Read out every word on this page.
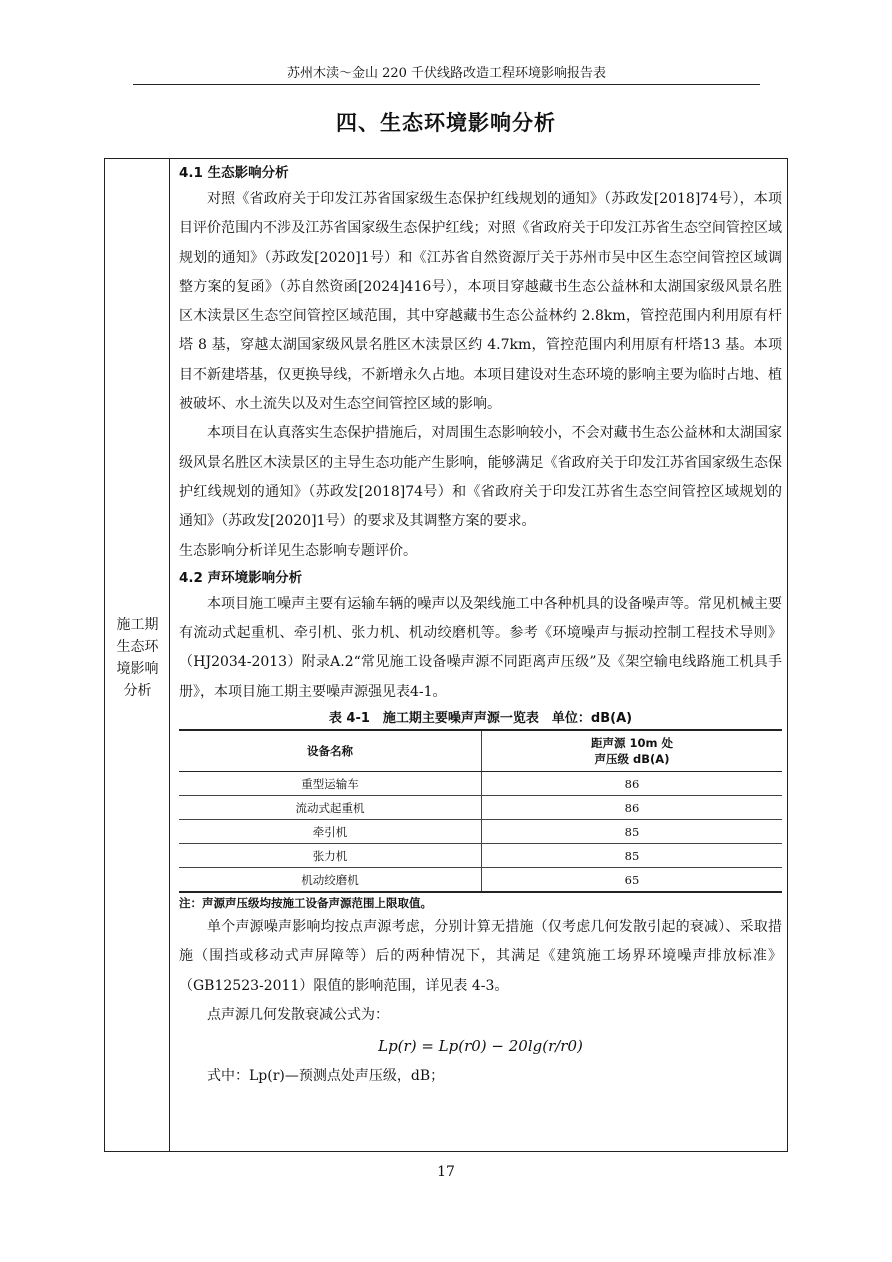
苏州木渎～金山 220 千伏线路改造工程环境影响报告表
四、生态环境影响分析
施工期
生态环
境影响
分析
4.1 生态影响分析

对照《省政府关于印发江苏省国家级生态保护红线规划的通知》（苏政发[2018]74号），本项目评价范围内不涉及江苏省国家级生态保护红线；对照《省政府关于印发江苏省生态空间管控区域规划的通知》（苏政发[2020]1号）和《江苏省自然资源厅关于苏州市吴中区生态空间管控区域调整方案的复函》（苏自然资函[2024]416号），本项目穿越藏书生态公益林和太湖国家级风景名胜区木渎景区生态空间管控区域范围，其中穿越藏书生态公益林约 2.8km，管控范围内利用原有杆塔 8 基，穿越太湖国家级风景名胜区木渎景区约 4.7km，管控范围内利用原有杆塔13 基。本项目不新建塔基，仅更换导线，不新增永久占地。本项目建设对生态环境的影响主要为临时占地、植被破坏、水土流失以及对生态空间管控区域的影响。

本项目在认真落实生态保护措施后，对周围生态影响较小，不会对藏书生态公益林和太湖国家级风景名胜区木渎景区的主导生态功能产生影响，能够满足《省政府关于印发江苏省国家级生态保护红线规划的通知》（苏政发[2018]74号）和《省政府关于印发江苏省生态空间管控区域规划的通知》（苏政发[2020]1号）的要求及其调整方案的要求。

生态影响分析详见生态影响专题评价。

4.2 声环境影响分析

本项目施工噪声主要有运输车辆的噪声以及架线施工中各种机具的设备噪声等。常见机械主要有流动式起重机、牵引机、张力机、机动绞磨机等。参考《环境噪声与振动控制工程技术导则》（HJ2034-2013）附录A.2“常见施工设备噪声源不同距离声压级”及《架空输电线路施工机具手册》，本项目施工期主要噪声源强见表4-1。

表 4-1　施工期主要噪声声源一览表　单位：dB(A)
设备名称	距声源 10m 处
声压级 dB(A)

重型运输车	86
流动式起重机	86
牵引机	85
张力机	85
机动绞磨机	65
注：声源声压级均按施工设备声源范围上限取值。

单个声源噪声影响均按点声源考虑，分别计算无措施（仅考虑几何发散引起的衰减）、采取措施（围挡或移动式声屏障等）后的两种情况下，其满足《建筑施工场界环境噪声排放标准》（GB12523-2011）限值的影响范围，详见表 4-3。

点声源几何发散衰减公式为：

Lp(r) = Lp(r0) − 20lg(r/r0)

式中：Lp(r)—预测点处声压级，dB；

17
